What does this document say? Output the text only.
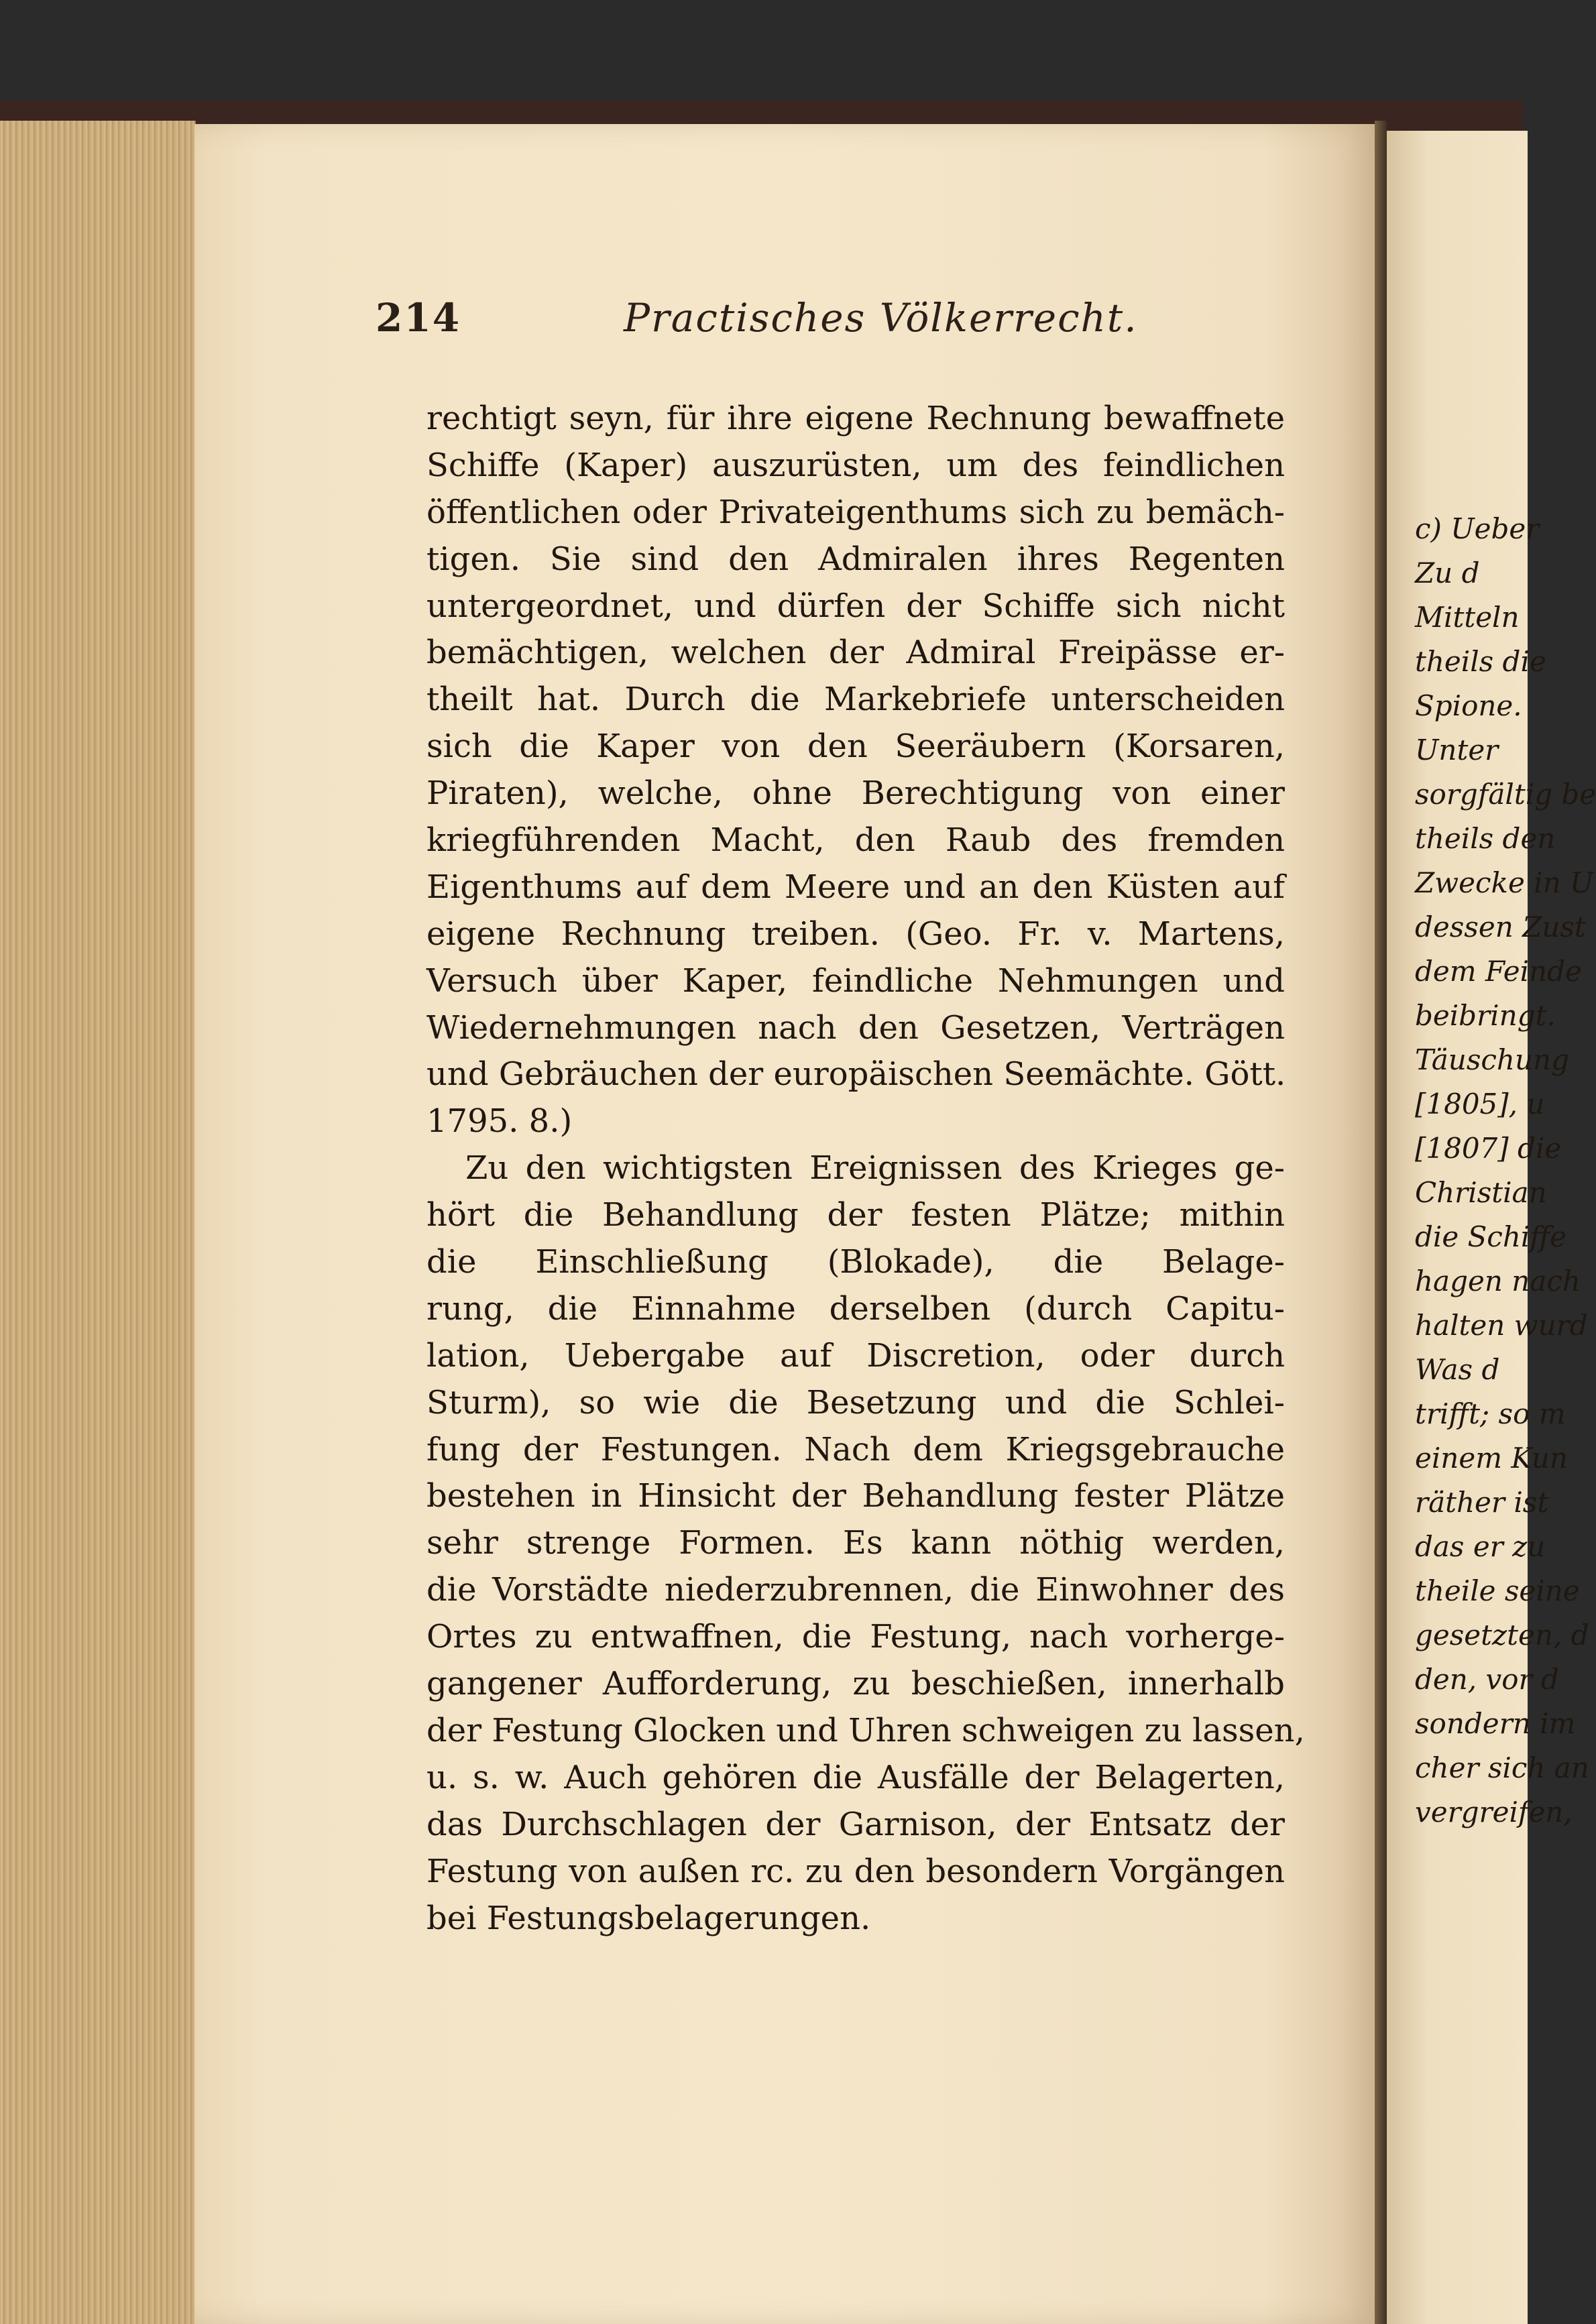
214	Practisches Völkerrecht.
rechtigt seyn, für ihre eigene Rechnung bewaffnete
Schiffe (Kaper) auszurüsten, um des feindlichen
öffentlichen oder Privateigenthums sich zu bemäch-
tigen. Sie sind den Admiralen ihres Regenten
untergeordnet, und dürfen der Schiffe sich nicht
bemächtigen, welchen der Admiral Freipässe er-
theilt hat. Durch die Markebriefe unterscheiden
sich die Kaper von den Seeräubern (Korsaren,
Piraten), welche, ohne Berechtigung von einer
kriegführenden Macht, den Raub des fremden
Eigenthums auf dem Meere und an den Küsten auf
eigene Rechnung treiben. (Geo. Fr. v. Martens,
Versuch über Kaper, feindliche Nehmungen und
Wiedernehmungen nach den Gesetzen, Verträgen
und Gebräuchen der europäischen Seemächte. Gött.
1795. 8.)
Zu den wichtigsten Ereignissen des Krieges ge-
hört die Behandlung der festen Plätze; mithin
die Einschließung (Blokade), die Belage-
rung, die Einnahme derselben (durch Capitu-
lation, Uebergabe auf Discretion, oder durch
Sturm), so wie die Besetzung und die Schlei-
fung der Festungen. Nach dem Kriegsgebrauche
bestehen in Hinsicht der Behandlung fester Plätze
sehr strenge Formen. Es kann nöthig werden,
die Vorstädte niederzubrennen, die Einwohner des
Ortes zu entwaffnen, die Festung, nach vorherge-
gangener Aufforderung, zu beschießen, innerhalb
der Festung Glocken und Uhren schweigen zu lassen,
u. s. w. Auch gehören die Ausfälle der Belagerten,
das Durchschlagen der Garnison, der Entsatz der
Festung von außen rc. zu den besondern Vorgängen
bei Festungsbelagerungen.
c) Ueber
Zu d
Mitteln
theils die
Spione.
Unter
sorgfältig be
theils den
Zwecke in U
dessen Zust
dem Feinde
beibringt.
Täuschung
[1805], u
[1807] die
Christian
die Schiffe
hagen nach
halten wurd
Was d
trifft; so m
einem Kun
räther ist
das er zu
theile seine
gesetzten, d
den, vor d
sondern im
cher sich an
vergreifen,
